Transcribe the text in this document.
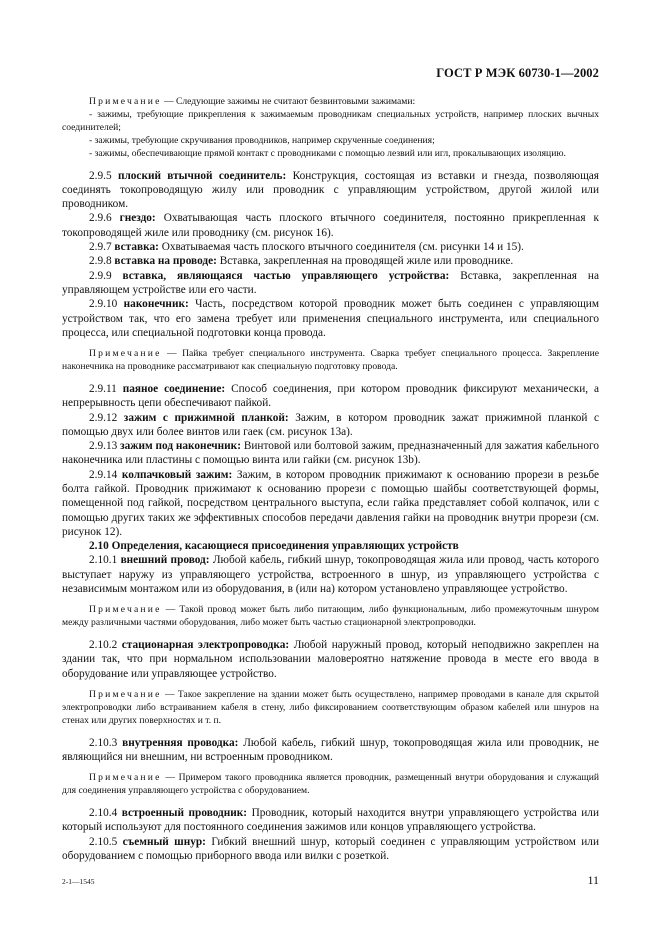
ГОСТ Р МЭК 60730-1—2002

Примечание — Следующие зажимы не считают безвинтовыми зажимами:

- зажимы, требующие прикрепления к зажимаемым проводникам специальных устройств, например плоских вычных соединителей;

- зажимы, требующие скручивания проводников, например скрученные соединения;

- зажимы, обеспечивающие прямой контакт с проводниками с помощью лезвий или игл, прокалывающих изоляцию.

2.9.5 плоский втычной соединитель: Конструкция, состоящая из вставки и гнезда, позволяющая соединять токопроводящую жилу или проводник с управляющим устройством, другой жилой или проводником.

2.9.6 гнездо: Охватывающая часть плоского втычного соединителя, постоянно прикрепленная к токопроводящей жиле или проводнику (см. рисунок 16).

2.9.7 вставка: Охватываемая часть плоского втычного соединителя (см. рисунки 14 и 15).

2.9.8 вставка на проводе: Вставка, закрепленная на проводящей жиле или проводнике.

2.9.9 вставка, являющаяся частью управляющего устройства: Вставка, закрепленная на управляющем устройстве или его части.

2.9.10 наконечник: Часть, посредством которой проводник может быть соединен с управляющим устройством так, что его замена требует или применения специального инструмента, или специального процесса, или специальной подготовки конца провода.

Примечание — Пайка требует специального инструмента. Сварка требует специального процесса. Закрепление наконечника на проводнике рассматривают как специальную подготовку провода.

2.9.11 паяное соединение: Способ соединения, при котором проводник фиксируют механически, а непрерывность цепи обеспечивают пайкой.

2.9.12 зажим с прижимной планкой: Зажим, в котором проводник зажат прижимной планкой с помощью двух или более винтов или гаек (см. рисунок 13a).

2.9.13 зажим под наконечник: Винтовой или болтовой зажим, предназначенный для зажатия кабельного наконечника или пластины с помощью винта или гайки (см. рисунок 13b).

2.9.14 колпачковый зажим: Зажим, в котором проводник прижимают к основанию прорези в резьбе болта гайкой. Проводник прижимают к основанию прорези с помощью шайбы соответствующей формы, помещенной под гайкой, посредством центрального выступа, если гайка представляет собой колпачок, или с помощью других таких же эффективных способов передачи давления гайки на проводник внутри прорези (см. рисунок 12).

2.10 Определения, касающиеся присоединения управляющих устройств

2.10.1 внешний провод: Любой кабель, гибкий шнур, токопроводящая жила или провод, часть которого выступает наружу из управляющего устройства, встроенного в шнур, из управляющего устройства с независимым монтажом или из оборудования, в (или на) котором установлено управляющее устройство.

Примечание — Такой провод может быть либо питающим, либо функциональным, либо промежуточным шнуром между различными частями оборудования, либо может быть частью стационарной электропроводки.

2.10.2 стационарная электропроводка: Любой наружный провод, который неподвижно закреплен на здании так, что при нормальном использовании маловероятно натяжение провода в месте его ввода в оборудование или управляющее устройство.

Примечание — Такое закрепление на здании может быть осуществлено, например проводами в канале для скрытой электропроводки либо встраиванием кабеля в стену, либо фиксированием соответствующим образом кабелей или шнуров на стенах или других поверхностях и т. п.

2.10.3 внутренняя проводка: Любой кабель, гибкий шнур, токопроводящая жила или проводник, не являющийся ни внешним, ни встроенным проводником.

Примечание — Примером такого проводника является проводник, размещенный внутри оборудования и служащий для соединения управляющего устройства с оборудованием.

2.10.4 встроенный проводник: Проводник, который находится внутри управляющего устройства или который используют для постоянного соединения зажимов или концов управляющего устройства.

2.10.5 съемный шнур: Гибкий внешний шнур, который соединен с управляющим устройством или оборудованием с помощью приборного ввода или вилки с розеткой.

2-1—1545	11
